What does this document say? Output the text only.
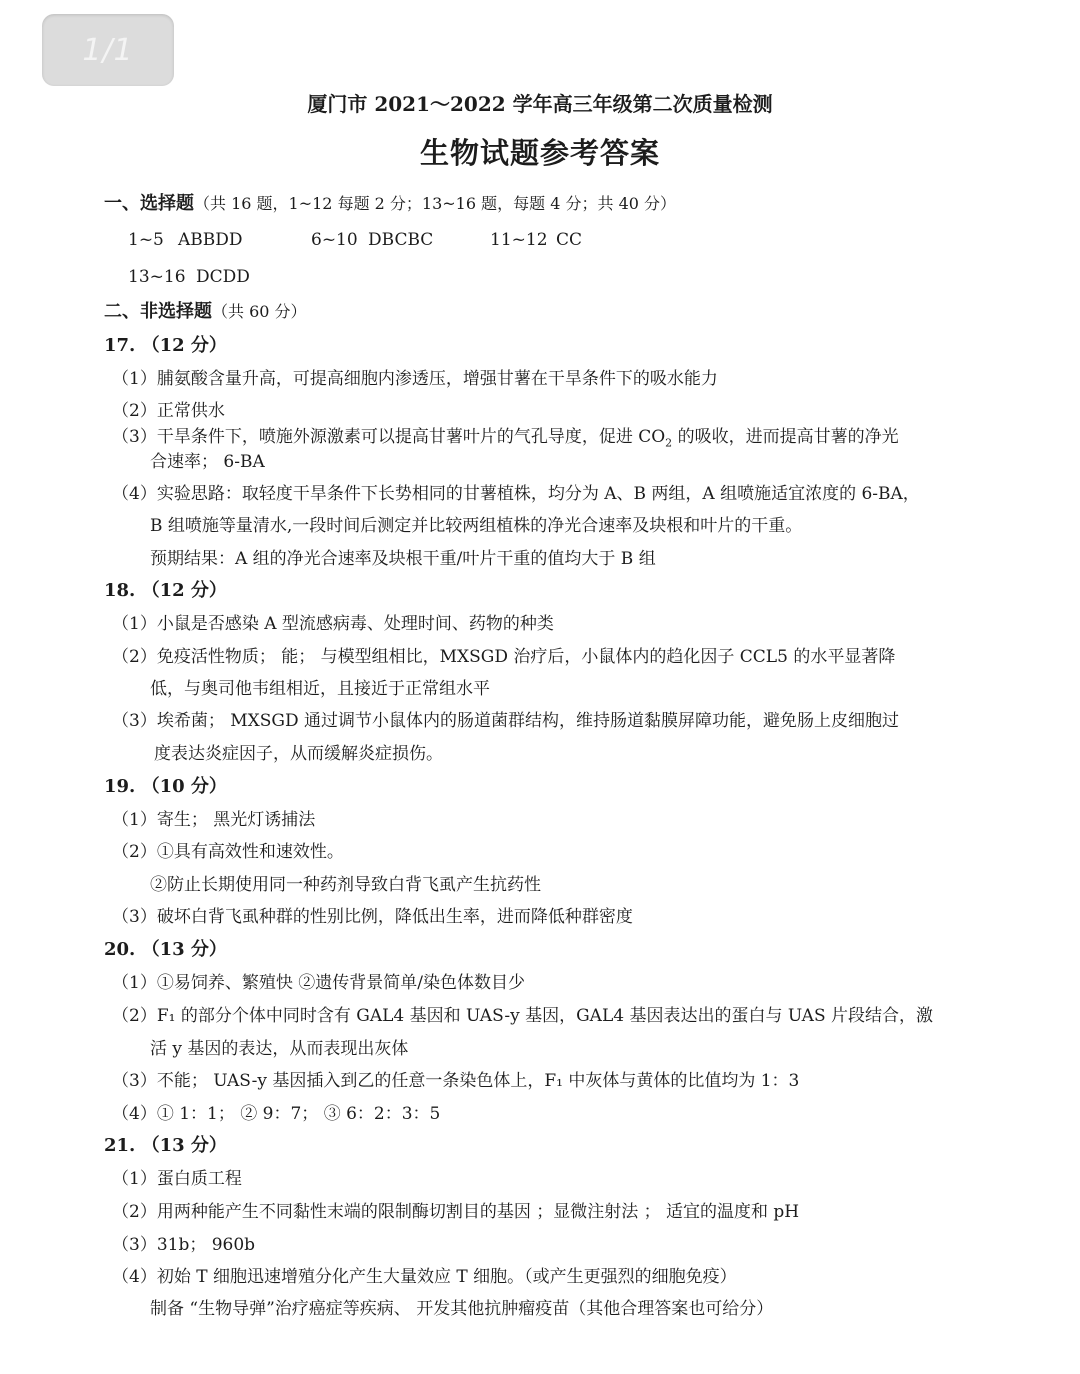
1/1
厦门市 2021～2022 学年高三年级第二次质量检测
生物试题参考答案
一、选择题（共 16 题，1~12 每题 2 分；13~16 题，每题 4 分；共 40 分）
1~5 ABBDD	6~10 DBCBC	11~12 CC
13~16 DCDD
二、非选择题（共 60 分）
17. （12 分）
（1）脯氨酸含量升高，可提高细胞内渗透压，增强甘薯在干旱条件下的吸水能力
（2）正常供水
（3）干旱条件下，喷施外源激素可以提高甘薯叶片的气孔导度，促进 $CO_2$ 的吸收，进而提高甘薯的净光
合速率； 6-BA
（4）实验思路：取轻度干旱条件下长势相同的甘薯植株，均分为 A、B 两组，A 组喷施适宜浓度的 6-BA，
B 组喷施等量清水,一段时间后测定并比较两组植株的净光合速率及块根和叶片的干重。
预期结果：A 组的净光合速率及块根干重/叶片干重的值均大于 B 组
18. （12 分）
（1）小鼠是否感染 A 型流感病毒、处理时间、药物的种类
（2）免疫活性物质； 能； 与模型组相比，MXSGD 治疗后，小鼠体内的趋化因子 CCL5 的水平显著降
低，与奥司他韦组相近，且接近于正常组水平
（3）埃希菌； MXSGD 通过调节小鼠体内的肠道菌群结构，维持肠道黏膜屏障功能，避免肠上皮细胞过
度表达炎症因子，从而缓解炎症损伤。
19. （10 分）
（1）寄生； 黑光灯诱捕法
（2）①具有高效性和速效性。
②防止长期使用同一种药剂导致白背飞虱产生抗药性
（3）破坏白背飞虱种群的性别比例，降低出生率，进而降低种群密度
20. （13 分）
（1）①易饲养、繁殖快 ②遗传背景简单/染色体数目少
（2）F₁ 的部分个体中同时含有 GAL4 基因和 UAS-y 基因，GAL4 基因表达出的蛋白与 UAS 片段结合，激
活 y 基因的表达，从而表现出灰体
（3）不能； UAS-y 基因插入到乙的任意一条染色体上，F₁ 中灰体与黄体的比值均为 1：3
（4）① 1：1； ② 9：7； ③ 6：2：3：5
21. （13 分）
（1）蛋白质工程
（2）用两种能产生不同黏性末端的限制酶切割目的基因 ；显微注射法 ； 适宜的温度和 pH
（3）31b； 960b
（4）初始 T 细胞迅速增殖分化产生大量效应 T 细胞。（或产生更强烈的细胞免疫）
制备 “生物导弹”治疗癌症等疾病、 开发其他抗肿瘤疫苗（其他合理答案也可给分）
